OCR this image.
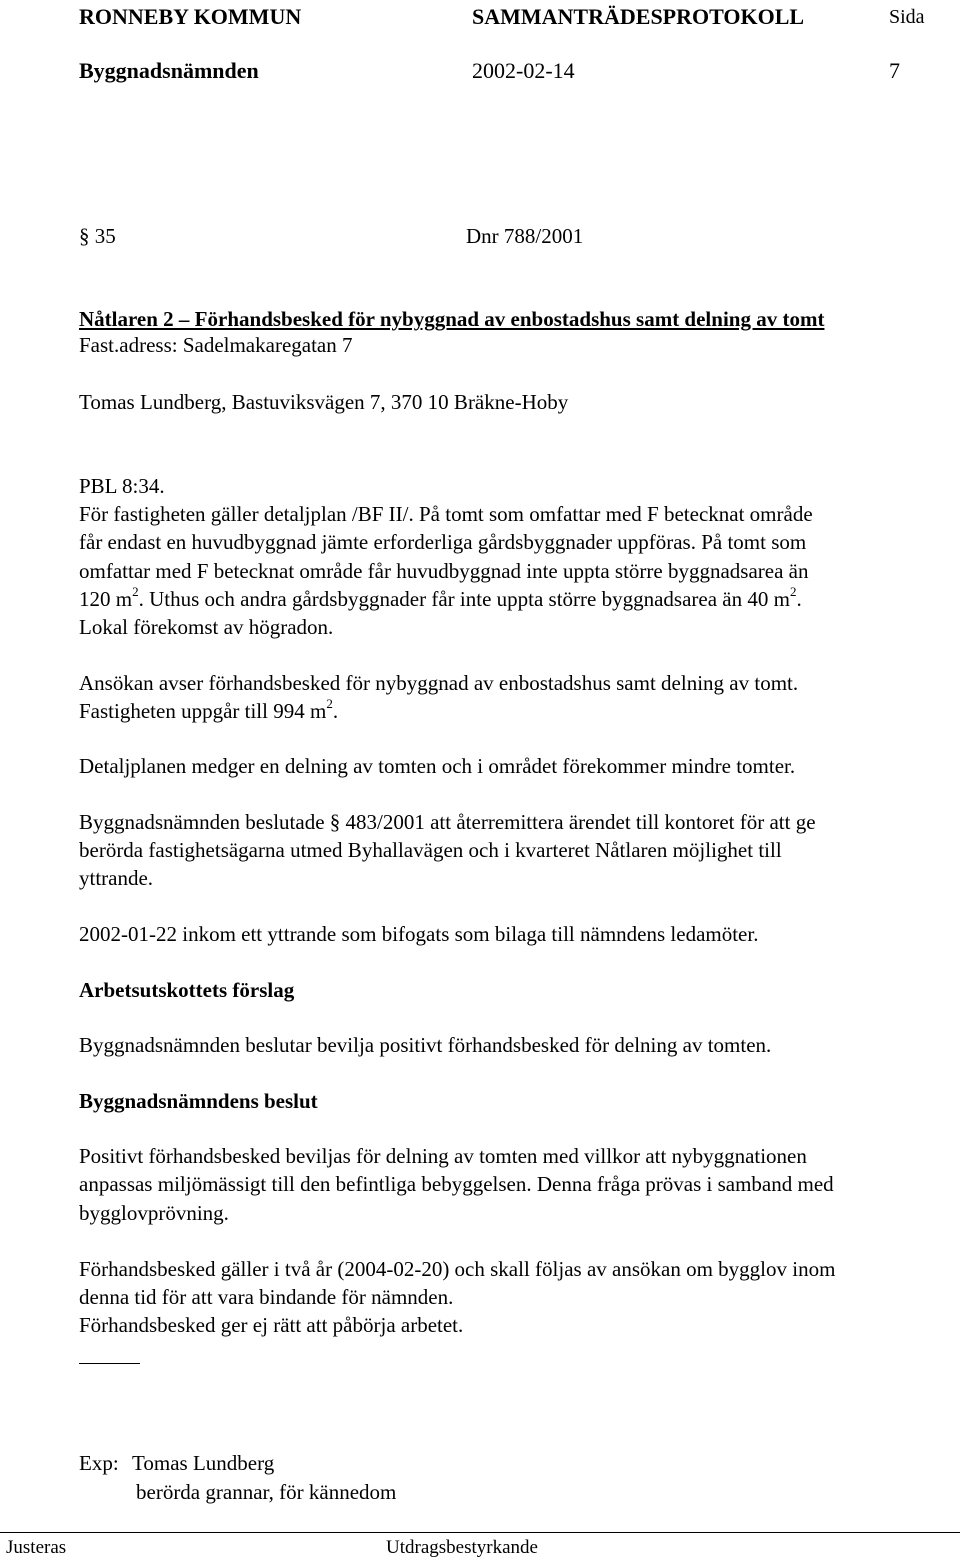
RONNEBY KOMMUN	SAMMANTRÄDESPROTOKOLL	Sida
Byggnadsnämnden	2002-02-14	7
§ 35	Dnr 788/2001
Nåtlaren 2 – Förhandsbesked för nybyggnad av enbostadshus samt delning av tomt
Fast.adress: Sadelmakaregatan 7
Tomas Lundberg, Bastuviksvägen 7, 370 10 Bräkne-Hoby
PBL 8:34.
För fastigheten gäller detaljplan /BF II/. På tomt som omfattar med F betecknat område
får endast en huvudbyggnad jämte erforderliga gårdsbyggnader uppföras. På tomt som
omfattar med F betecknat område får huvudbyggnad inte uppta större byggnadsarea än
120 $m^2$. Uthus och andra gårdsbyggnader får inte uppta större byggnadsarea än 40 $m^2$.
Lokal förekomst av högradon.
Ansökan avser förhandsbesked för nybyggnad av enbostadshus samt delning av tomt.
Fastigheten uppgår till 994 $m^2$.
Detaljplanen medger en delning av tomten och i området förekommer mindre tomter.
Byggnadsnämnden beslutade § 483/2001 att återremittera ärendet till kontoret för att ge
berörda fastighetsägarna utmed Byhallavägen och i kvarteret Nåtlaren möjlighet till
yttrande.
2002-01-22 inkom ett yttrande som bifogats som bilaga till nämndens ledamöter.
Arbetsutskottets förslag
Byggnadsnämnden beslutar bevilja positivt förhandsbesked för delning av tomten.
Byggnadsnämndens beslut
Positivt förhandsbesked beviljas för delning av tomten med villkor att nybyggnationen
anpassas miljömässigt till den befintliga bebyggelsen. Denna fråga prövas i samband med
bygglovprövning.
Förhandsbesked gäller i två år (2004-02-20) och skall följas av ansökan om bygglov inom
denna tid för att vara bindande för nämnden.
Förhandsbesked ger ej rätt att påbörja arbetet.
Exp: Tomas Lundberg
berörda grannar, för kännedom
Justeras	Utdragsbestyrkande
